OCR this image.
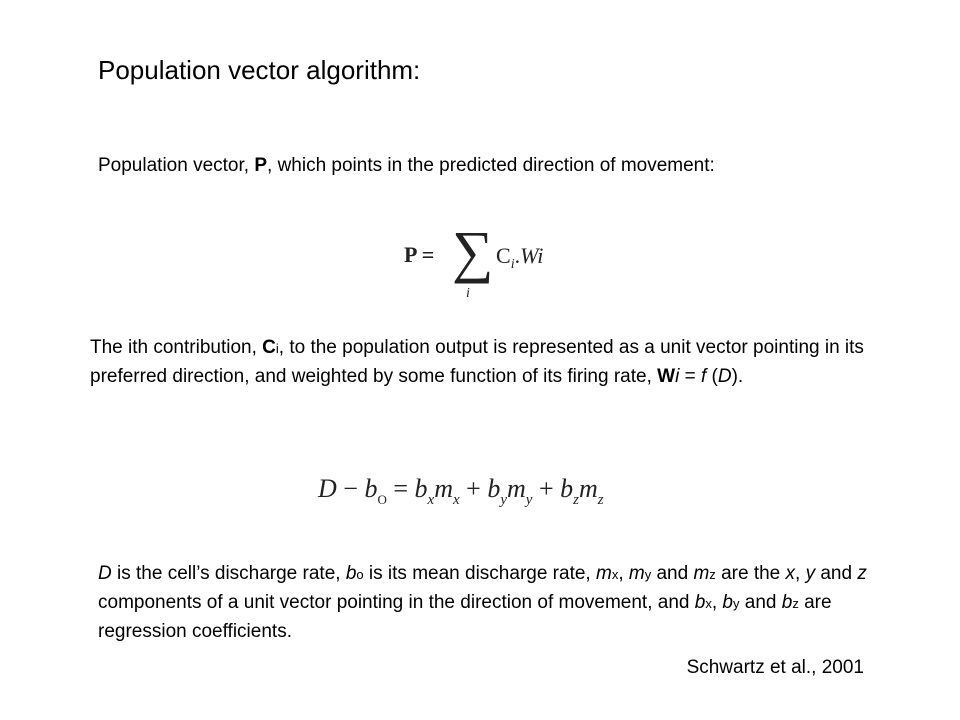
Population vector algorithm:
Population vector, P, which points in the predicted direction of movement:
P = ∑
i
$C_i.Wi$
The ith contribution, Ci, to the population output is represented as a unit vector pointing in its preferred direction, and weighted by some function of its firing rate, Wi = f (D).
$D - b_O = b_xm_x + b_ym_y + b_zm_z$
D is the cell’s discharge rate, bo is its mean discharge rate, mx, my and mz are the x, y and z components of a unit vector pointing in the direction of movement, and bx, by and bz are regression coefficients.
Schwartz et al., 2001
